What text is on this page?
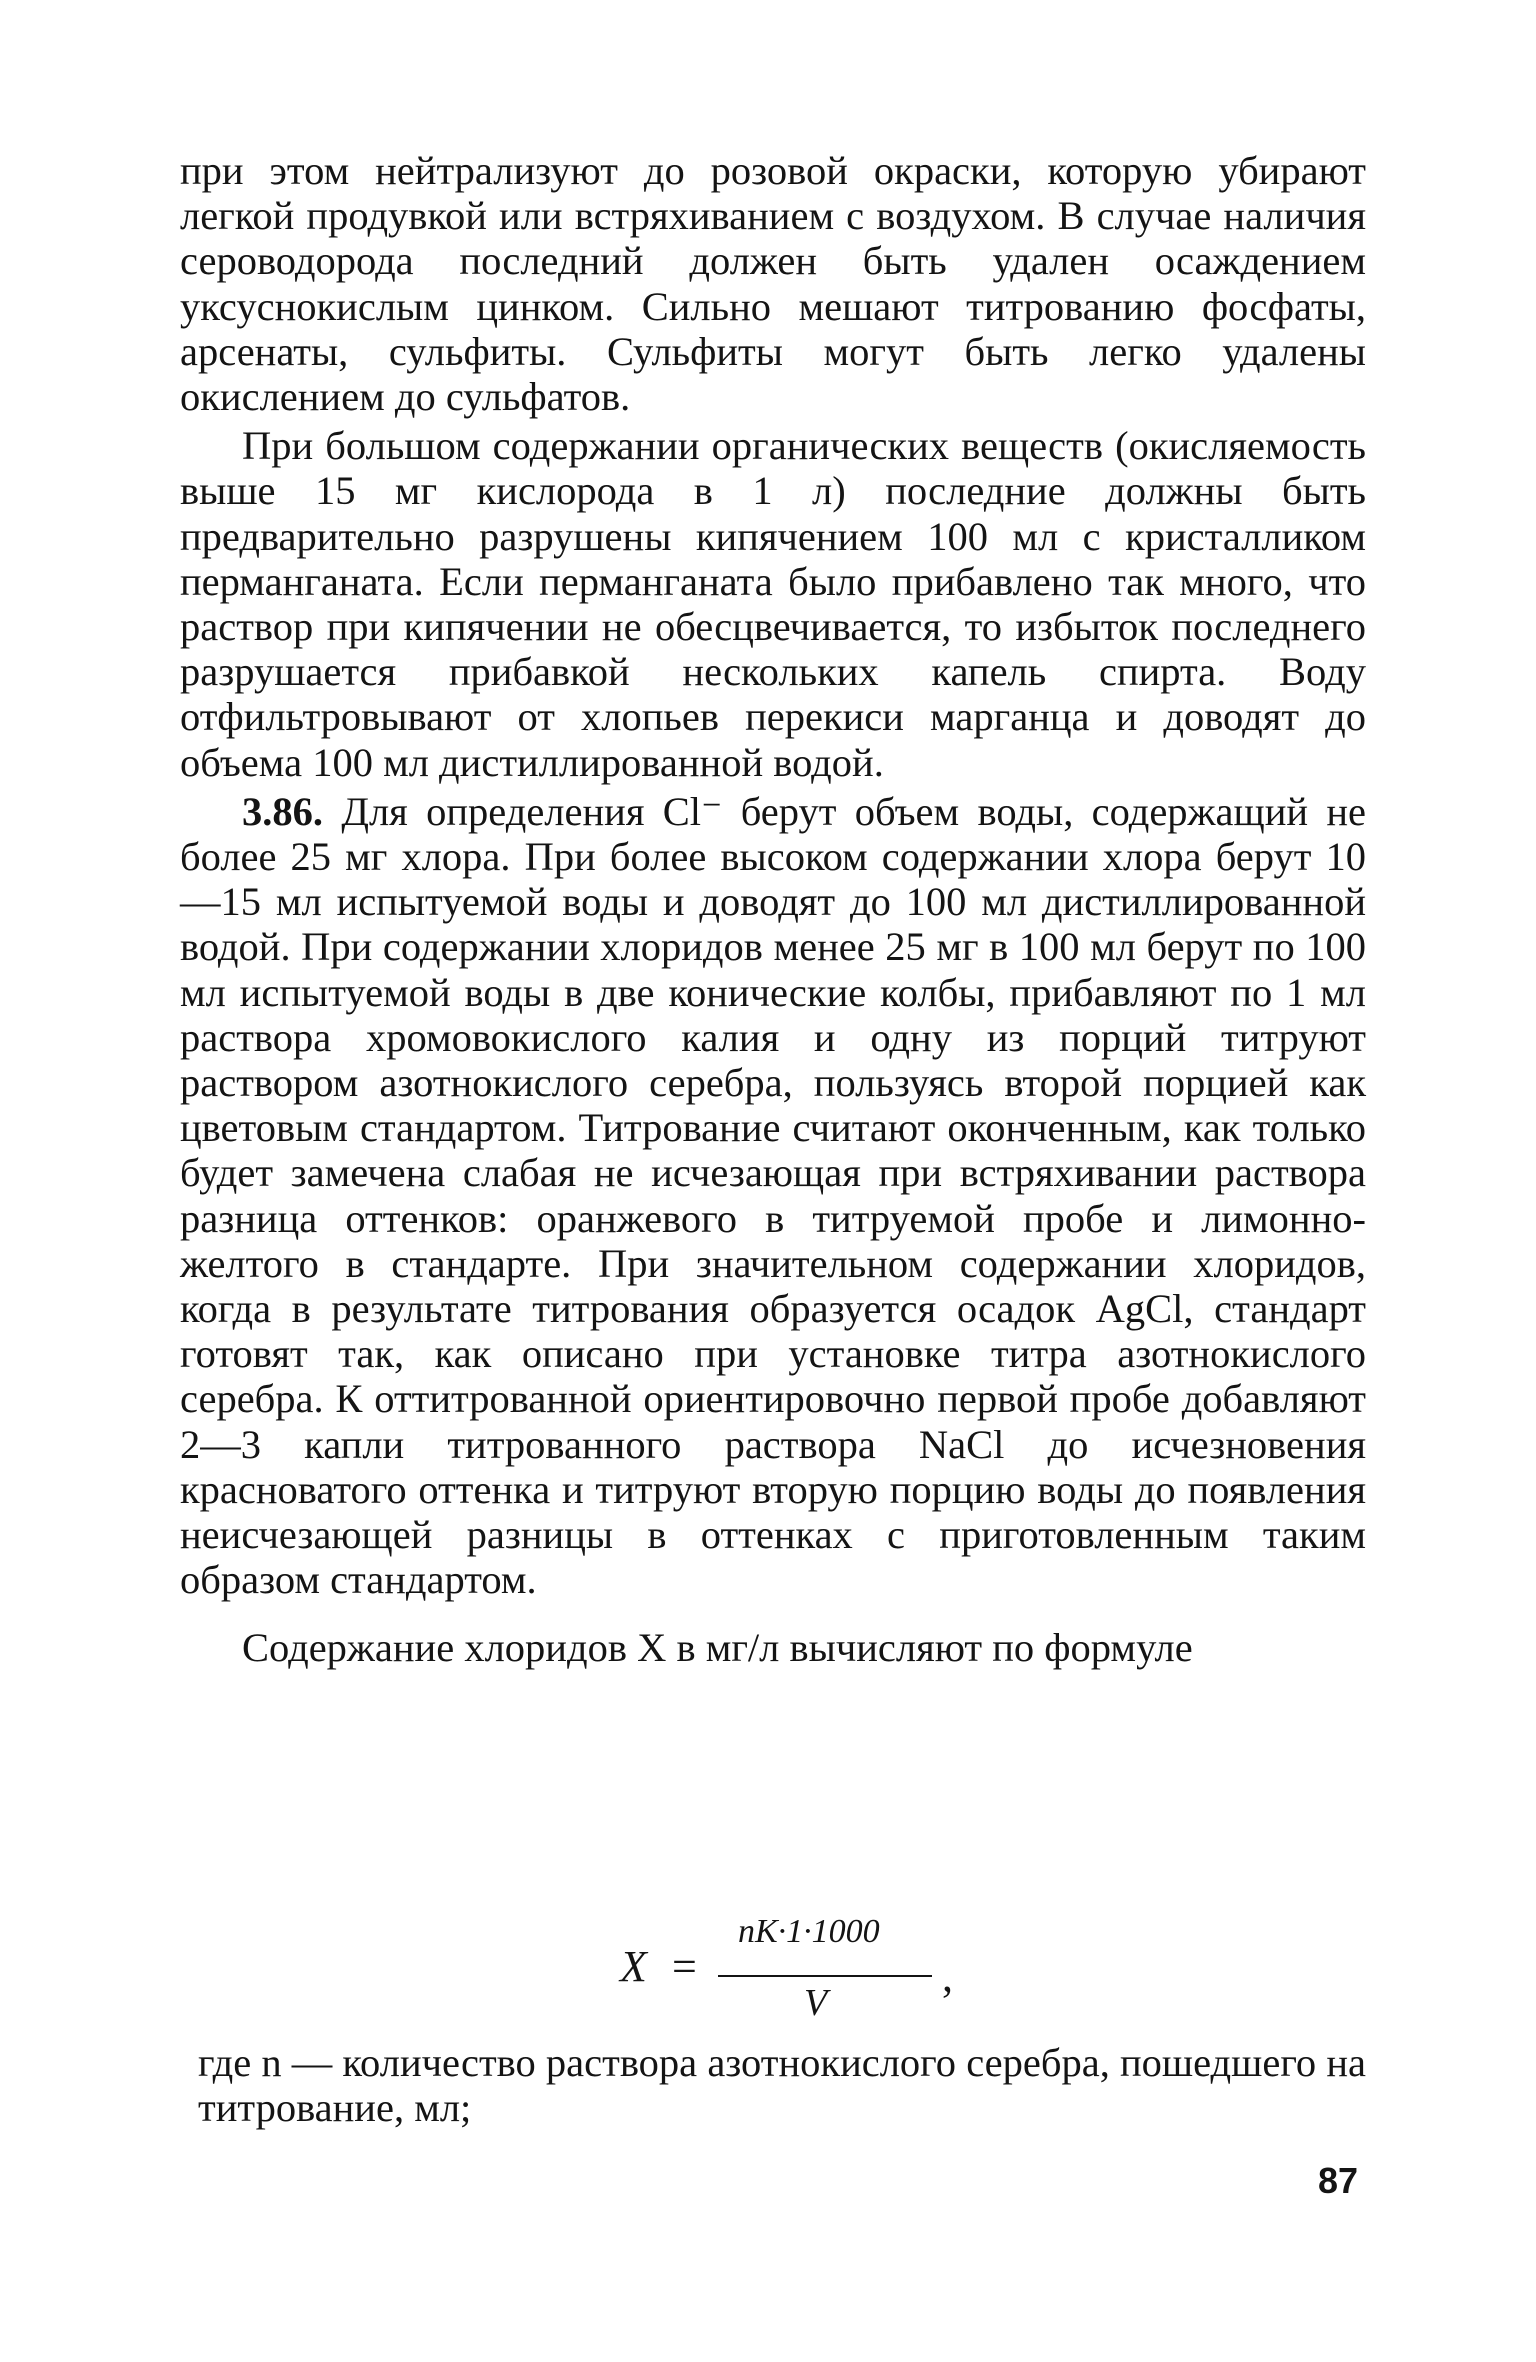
при этом нейтрализуют до розовой окраски, которую убирают легкой продувкой или встряхиванием с воздухом. В случае наличия сероводорода последний должен быть удален осаждением уксуснокислым цинком. Сильно мешают титрованию фосфаты, арсенаты, сульфиты. Сульфиты могут быть легко удалены окислением до сульфатов.

При большом содержании органических веществ (окисляемость выше 15 мг кислорода в 1 л) последние должны быть предварительно разрушены кипячением 100 мл с кристалликом перманганата. Если перманганата было прибавлено так много, что раствор при кипячении не обесцвечивается, то избыток последнего разрушается прибавкой нескольких капель спирта. Воду отфильтровывают от хлопьев перекиси марганца и доводят до объема 100 мл дистиллированной водой.

3.86. Для определения Cl⁻ берут объем воды, содержащий не более 25 мг хлора. При более высоком содержании хлора берут 10—15 мл испытуемой воды и доводят до 100 мл дистиллированной водой. При содержании хлоридов менее 25 мг в 100 мл берут по 100 мл испытуемой воды в две конические колбы, прибавляют по 1 мл раствора хромовокислого калия и одну из порций титруют раствором азотнокислого серебра, пользуясь второй порцией как цветовым стандартом. Титрование считают оконченным, как только будет замечена слабая не исчезающая при встряхивании раствора разница оттенков: оранжевого в титруемой пробе и лимонно-желтого в стандарте. При значительном содержании хлоридов, когда в результате титрования образуется осадок AgCl, стандарт готовят так, как описано при установке титра азотнокислого серебра. К оттитрованной ориентировочно первой пробе добавляют 2—3 капли титрованного раствора NaCl до исчезновения красноватого оттенка и титруют вторую порцию воды до появления неисчезающей разницы в оттенках с приготовленным таким образом стандартом.

Содержание хлоридов X в мг/л вычисляют по формуле

X =
nK·1·1000
V
,
где n — количество раствора азотнокислого серебра, пошедшего на титрование, мл;
87
